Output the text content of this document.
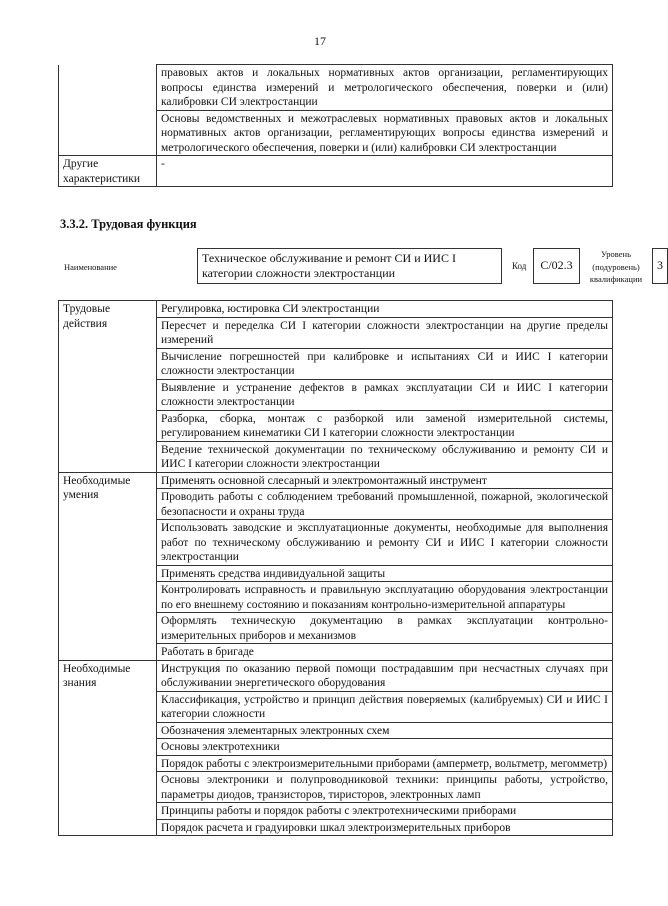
17
	правовых актов и локальных нормативных актов организации, регламентирующих вопросы единства измерений и метрологического обеспечения, поверки и (или) калибровки СИ электростанции
	Основы ведомственных и межотраслевых нормативных правовых актов и локальных нормативных актов организации, регламентирующих вопросы единства измерений и метрологического обеспечения, поверки и (или) калибровки СИ электростанции
Другие характеристики	-
3.3.2. Трудовая функция
Наименование
Техническое обслуживание и ремонт СИ и ИИС I категории сложности электростанции	Код	С/02.3
Уровень (подуровень) квалификации
3
Трудовые действия	Регулировка, юстировка СИ электростанции
	Пересчет и переделка СИ I категории сложности электростанции на другие пределы измерений
	Вычисление погрешностей при калибровке и испытаниях СИ и ИИС I категории сложности электростанции
	Выявление и устранение дефектов в рамках эксплуатации СИ и ИИС I категории сложности электростанции
	Разборка, сборка, монтаж с разборкой или заменой измерительной системы, регулированием кинематики СИ I категории сложности электростанции
	Ведение технической документации по техническому обслуживанию и ремонту СИ и ИИС I категории сложности электростанции
Необходимые умения	Применять основной слесарный и электромонтажный инструмент
	Проводить работы с соблюдением требований промышленной, пожарной, экологической безопасности и охраны труда
	Использовать заводские и эксплуатационные документы, необходимые для выполнения работ по техническому обслуживанию и ремонту СИ и ИИС I категории сложности электростанции
	Применять средства индивидуальной защиты
	Контролировать исправность и правильную эксплуатацию оборудования электростанции по его внешнему состоянию и показаниям контрольно-измерительной аппаратуры
	Оформлять техническую документацию в рамках эксплуатации контрольно-измерительных приборов и механизмов
	Работать в бригаде
Необходимые знания	Инструкция по оказанию первой помощи пострадавшим при несчастных случаях при обслуживании энергетического оборудования
	Классификация, устройство и принцип действия поверяемых (калибруемых) СИ и ИИС I категории сложности
	Обозначения элементарных электронных схем
	Основы электротехники
	Порядок работы с электроизмерительными приборами (амперметр, вольтметр, мегомметр)
	Основы электроники и полупроводниковой техники: принципы работы, устройство, параметры диодов, транзисторов, тиристоров, электронных ламп
	Принципы работы и порядок работы с электротехническими приборами
	Порядок расчета и градуировки шкал электроизмерительных приборов
